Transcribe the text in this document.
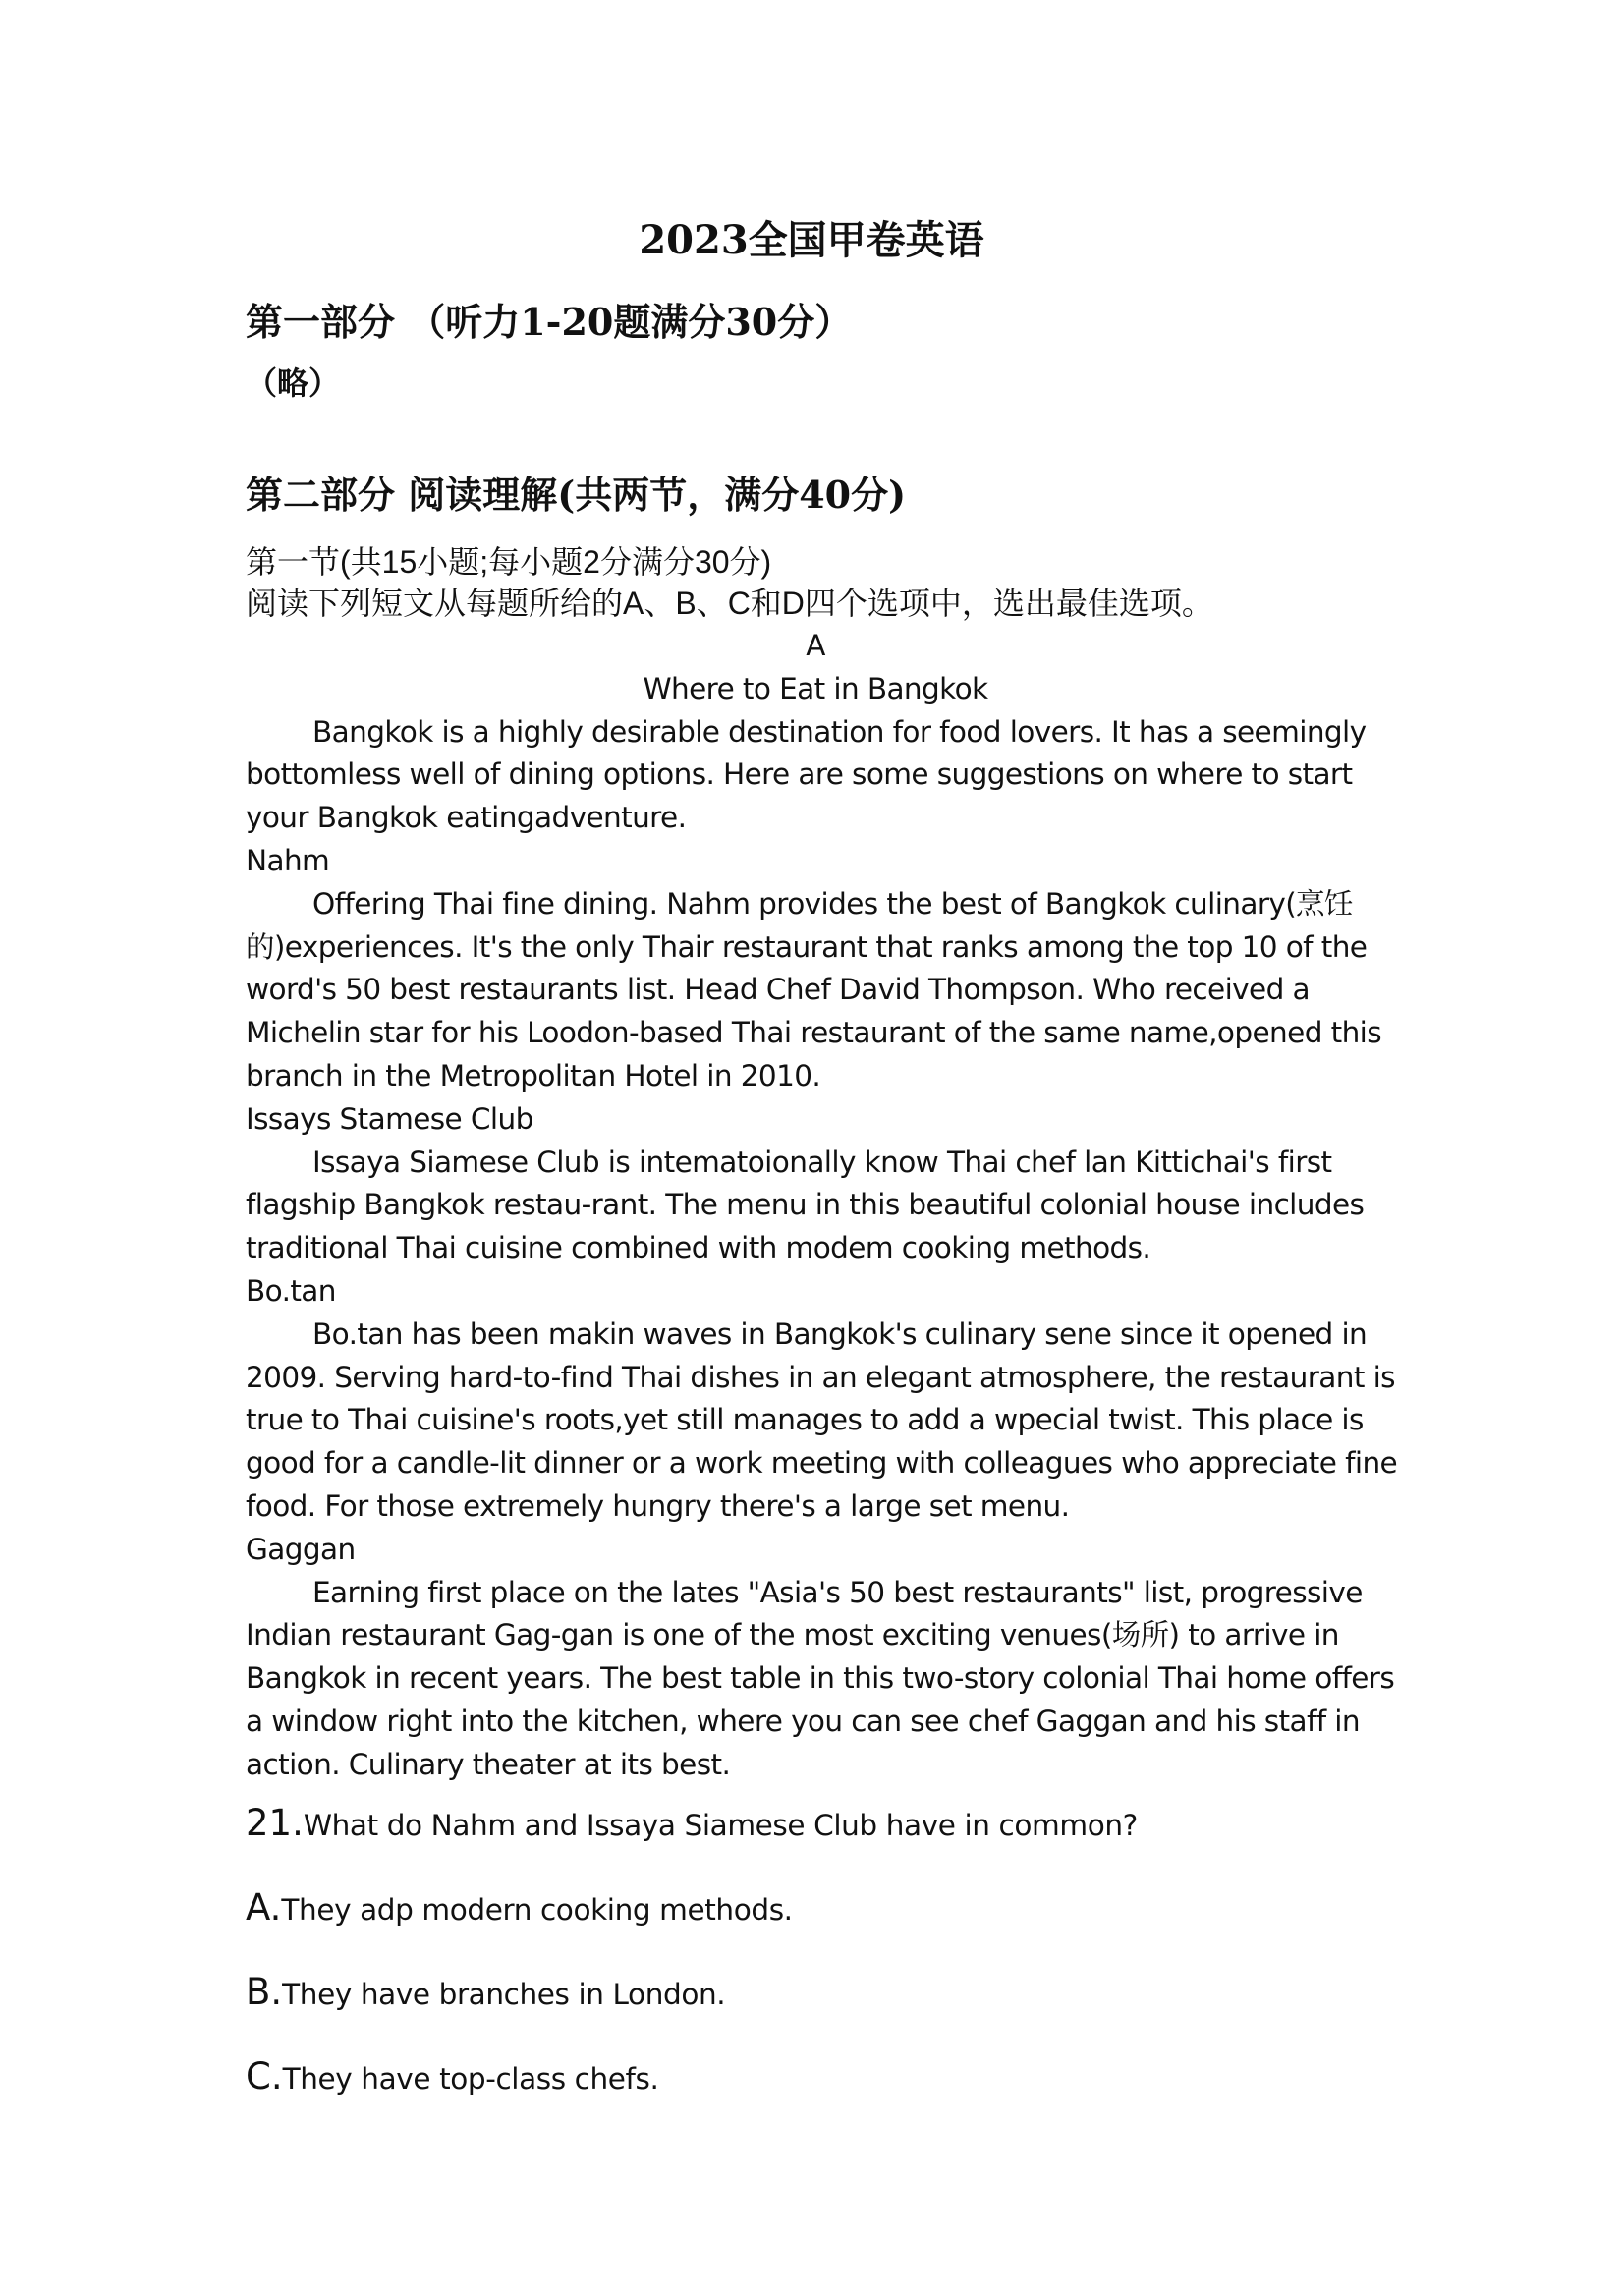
2023全国甲卷英语
第一部分 （听力1-20题满分30分）
（略）
第二部分 阅读理解(共两节，满分40分)
第一节(共15小题;每小题2分满分30分)
阅读下列短文从每题所给的A、B、C和D四个选项中，选出最佳选项。
A
Where to Eat in Bangkok
Bangkok is a highly desirable destination for food lovers. It has a seemingly bottomless well of dining options. Here are some suggestions on where to start your Bangkok eatingadventure.
Nahm
Offering Thai fine dining. Nahm provides the best of Bangkok culinary(烹饪的)experiences. It's the only Thair restaurant that ranks among the top 10 of the word's 50 best restaurants list. Head Chef David Thompson. Who received a Michelin star for his Loodon-based Thai restaurant of the same name,opened this branch in the Metropolitan Hotel in 2010.
Issays Stamese Club
Issaya Siamese Club is intematoionally know Thai chef lan Kittichai's first flagship Bangkok restau-rant. The menu in this beautiful colonial house includes traditional Thai cuisine combined with modem cooking methods.
Bo.tan
Bo.tan has been makin waves in Bangkok's culinary sene since it opened in 2009. Serving hard-to-find Thai dishes in an elegant atmosphere, the restaurant is true to Thai cuisine's roots,yet still manages to add a wpecial twist. This place is good for a candle-lit dinner or a work meeting with colleagues who appreciate fine food. For those extremely hungry there's a large set menu.
Gaggan
Earning first place on the lates "Asia's 50 best restaurants" list, progressive Indian restaurant Gag-gan is one of the most exciting venues(场所) to arrive in Bangkok in recent years. The best table in this two-story colonial Thai home offers a window right into the kitchen, where you can see chef Gaggan and his staff in action. Culinary theater at its best.
21.What do Nahm and Issaya Siamese Club have in common?
A.They adp modern cooking methods.
B.They have branches in London.
C.They have top-class chefs.
